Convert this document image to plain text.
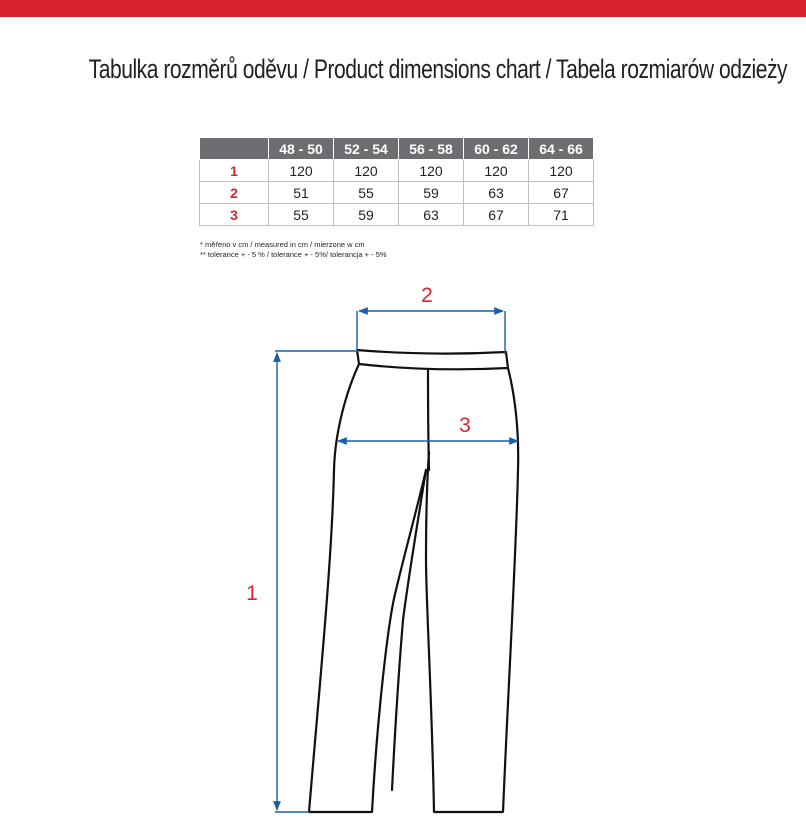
Tabulka rozměrů oděvu / Product dimensions chart / Tabela rozmiarów odzieży
	48 - 50	52 - 54	56 - 58	60 - 62	64 - 66
1	120	120	120	120	120
2	51	55	59	63	67
3	55	59	63	67	71
* měřeno v cm / measured in cm / mierzone w cm
** tolerance + - 5 % / tolerance + - 5%/ tolerancja + - 5%
2
3
1
